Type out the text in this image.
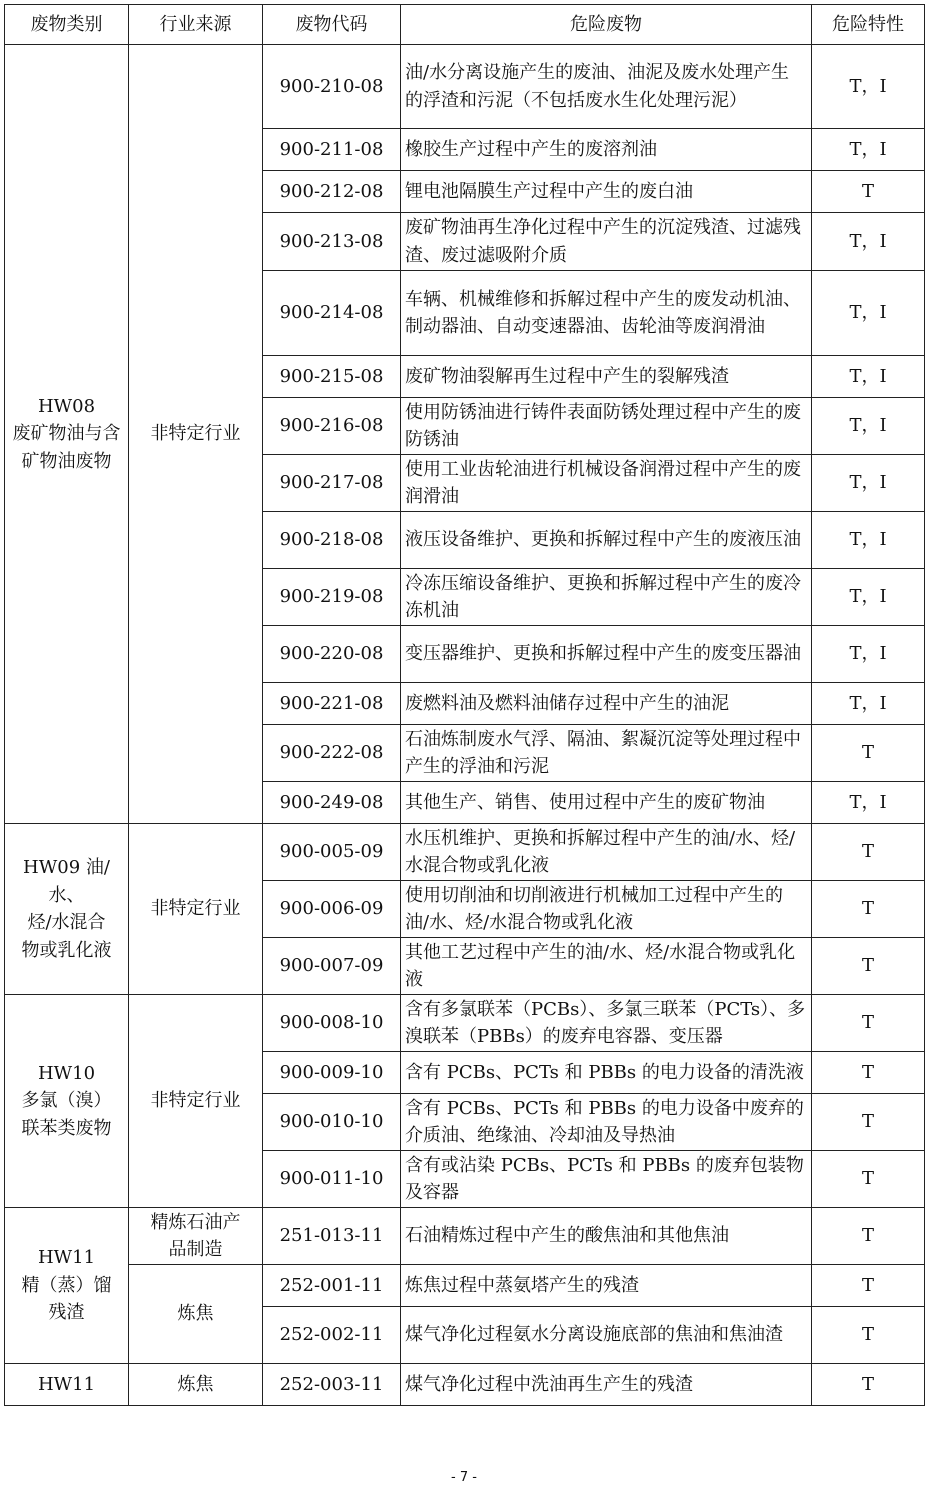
废物类别	行业来源	废物代码	危险废物	危险特性

HW08
废矿物油与含
矿物油废物	非特定行业	900-210-08	油/水分离设施产生的废油、油泥及废水处理产生的浮渣和污泥（不包括废水生化处理污泥）	T，I
		900-211-08	橡胶生产过程中产生的废溶剂油	T，I
		900-212-08	锂电池隔膜生产过程中产生的废白油	T
		900-213-08	废矿物油再生净化过程中产生的沉淀残渣、过滤残渣、废过滤吸附介质	T，I
		900-214-08	车辆、机械维修和拆解过程中产生的废发动机油、制动器油、自动变速器油、齿轮油等废润滑油	T，I
		900-215-08	废矿物油裂解再生过程中产生的裂解残渣	T，I
		900-216-08	使用防锈油进行铸件表面防锈处理过程中产生的废防锈油	T，I
		900-217-08	使用工业齿轮油进行机械设备润滑过程中产生的废润滑油	T，I
		900-218-08	液压设备维护、更换和拆解过程中产生的废液压油	T，I
		900-219-08	冷冻压缩设备维护、更换和拆解过程中产生的废冷冻机油	T，I
		900-220-08	变压器维护、更换和拆解过程中产生的废变压器油	T，I
		900-221-08	废燃料油及燃料油储存过程中产生的油泥	T，I
		900-222-08	石油炼制废水气浮、隔油、絮凝沉淀等处理过程中产生的浮油和污泥	T
		900-249-08	其他生产、销售、使用过程中产生的废矿物油	T，I

HW09 油/水、
烃/水混合
物或乳化液	非特定行业	900-005-09	水压机维护、更换和拆解过程中产生的油/水、烃/水混合物或乳化液	T
		900-006-09	使用切削油和切削液进行机械加工过程中产生的油/水、烃/水混合物或乳化液	T
		900-007-09	其他工艺过程中产生的油/水、烃/水混合物或乳化液	T

HW10
多氯（溴）
联苯类废物	非特定行业	900-008-10	含有多氯联苯（PCBs）、多氯三联苯（PCTs）、多溴联苯（PBBs）的废弃电容器、变压器	T
		900-009-10	含有 PCBs、PCTs 和 PBBs 的电力设备的清洗液	T
		900-010-10	含有 PCBs、PCTs 和 PBBs 的电力设备中废弃的介质油、绝缘油、冷却油及导热油	T
		900-011-10	含有或沾染 PCBs、PCTs 和 PBBs 的废弃包装物及容器	T

HW11
精（蒸）馏
残渣	精炼石油产
品制造	251-013-11	石油精炼过程中产生的酸焦油和其他焦油	T

	炼焦	252-001-11	炼焦过程中蒸氨塔产生的残渣	T
		252-002-11	煤气净化过程氨水分离设施底部的焦油和焦油渣	T

HW11	炼焦	252-003-11	煤气净化过程中洗油再生产生的残渣	T
- 7 -
